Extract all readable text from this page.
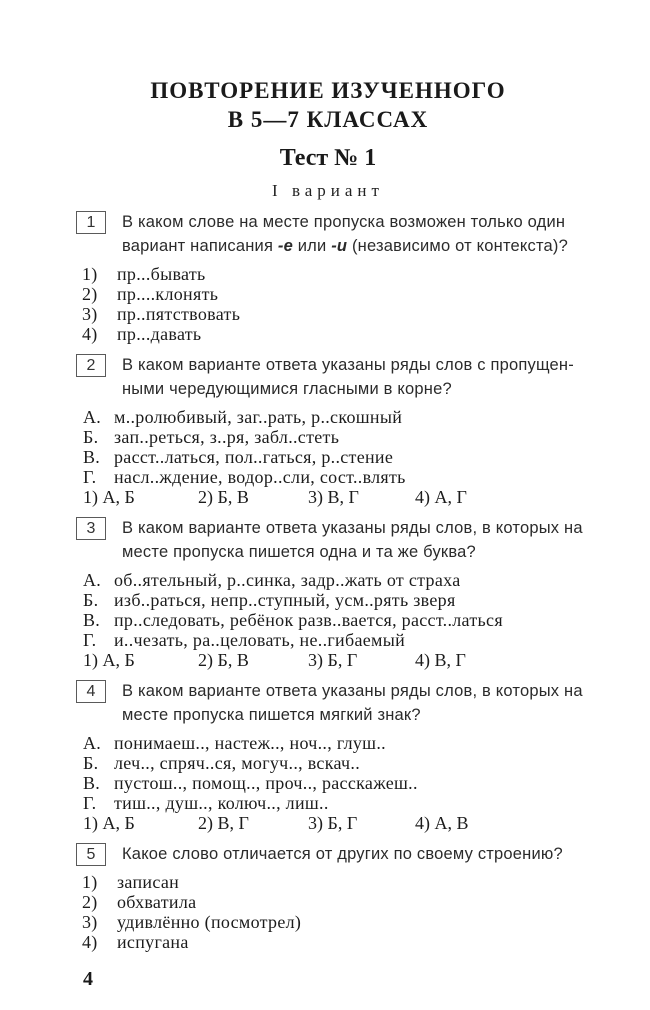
ПОВТОРЕНИЕ ИЗУЧЕННОГО
В 5—7 КЛАССАХ
Тест № 1
I вариант
1	В каком слове на месте пропуска возможен только один
вариант написания -е или -и (независимо от контекста)?
1) пр...бывать
2) пр....клонять
3) пр..пятствовать
4) пр...давать
2	В каком варианте ответа указаны ряды слов с пропущен-
ными чередующимися гласными в корне?
А. м..ролюбивый, заг..рать, р..скошный
Б. зап..реться, з..ря, забл..стеть
В. расст..латься, пол..гаться, р..стение
Г. насл..ждение, водор..сли, сост..влять
1) А, Б	2) Б, В	3) В, Г	4) А, Г
3	В каком варианте ответа указаны ряды слов, в которых на
месте пропуска пишется одна и та же буква?
А. об..ятельный, р..синка, задр..жать от страха
Б. изб..раться, непр..ступный, усм..рять зверя
В. пр..следовать, ребёнок разв..вается, расст..латься
Г. и..чезать, ра..целовать, не..гибаемый
1) А, Б	2) Б, В	3) Б, Г	4) В, Г
4	В каком варианте ответа указаны ряды слов, в которых на
месте пропуска пишется мягкий знак?
А. понимаеш.., настеж.., ноч.., глуш..
Б. леч.., спряч..ся, могуч.., вскач..
В. пустош.., помощ.., проч.., расскажеш..
Г. тиш.., душ.., колюч.., лиш..
1) А, Б	2) В, Г	3) Б, Г	4) А, В
5	Какое слово отличается от других по своему строению?
1) записан
2) обхватила
3) удивлённо (посмотрел)
4) испугана
4
